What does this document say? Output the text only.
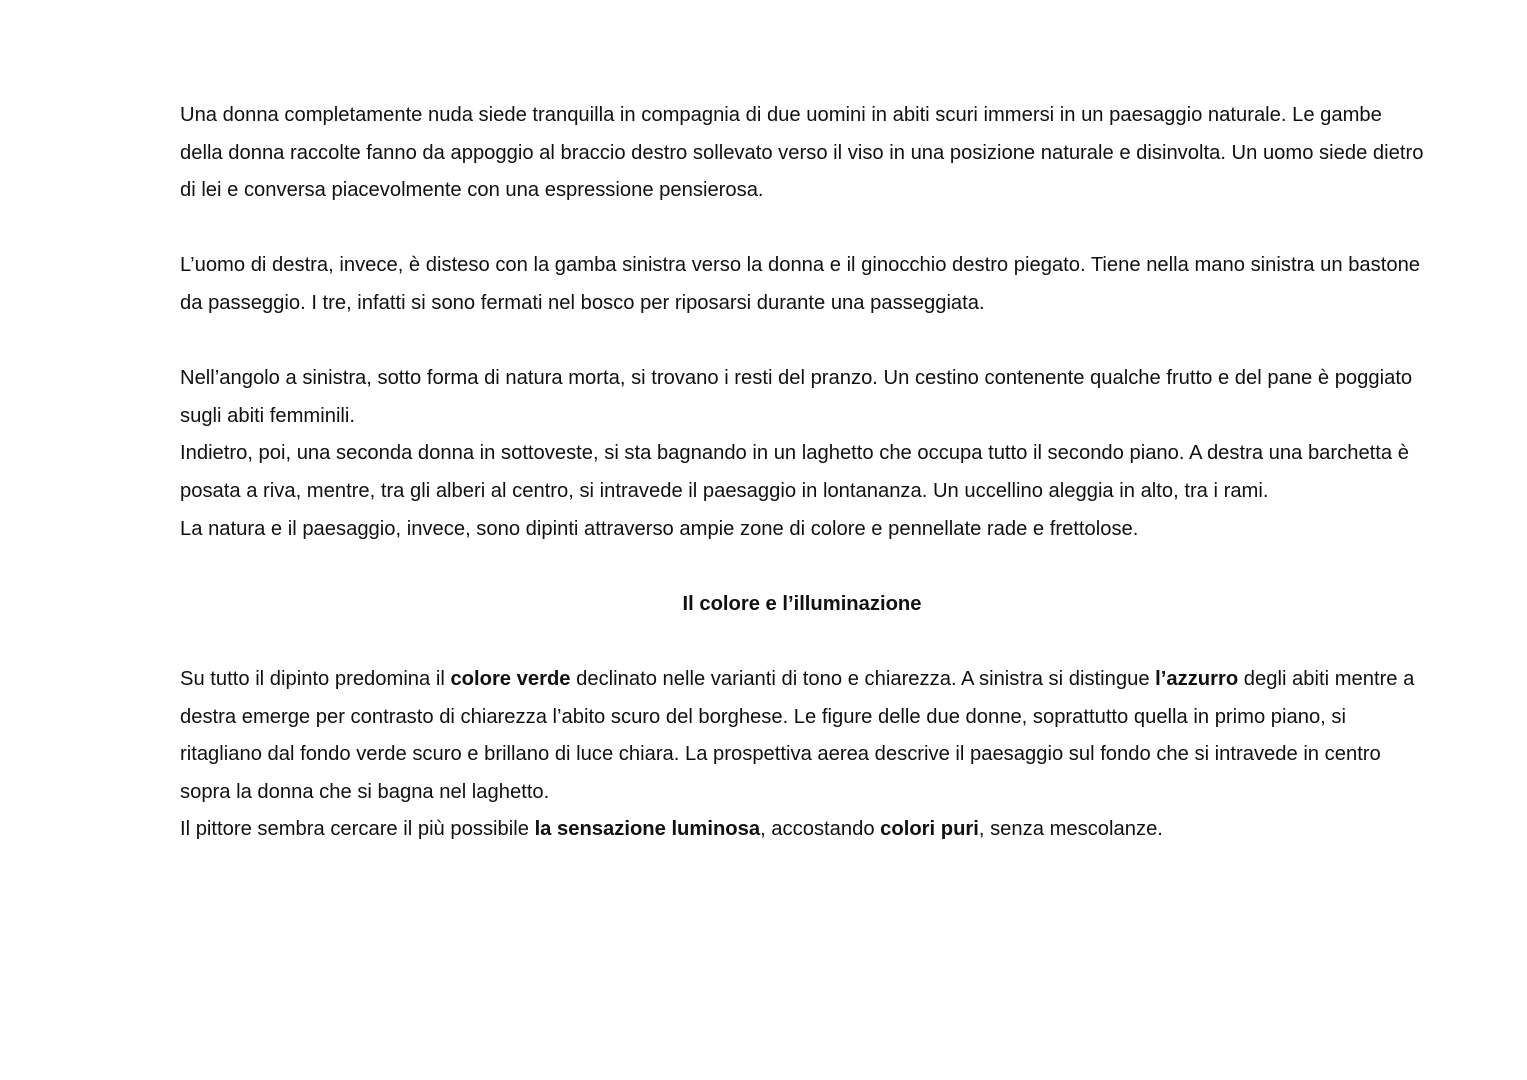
Una donna completamente nuda siede tranquilla in compagnia di due uomini in abiti scuri immersi in un paesaggio naturale. Le gambe della donna raccolte fanno da appoggio al braccio destro sollevato verso il viso in una posizione naturale e disinvolta. Un uomo siede dietro di lei e conversa piacevolmente con una espressione pensierosa.

L’uomo di destra, invece, è disteso con la gamba sinistra verso la donna e il ginocchio destro piegato. Tiene nella mano sinistra un bastone da passeggio. I tre, infatti si sono fermati nel bosco per riposarsi durante una passeggiata.

Nell’angolo a sinistra, sotto forma di natura morta, si trovano i resti del pranzo. Un cestino contenente qualche frutto e del pane è poggiato sugli abiti femminili.

Indietro, poi, una seconda donna in sottoveste, si sta bagnando in un laghetto che occupa tutto il secondo piano. A destra una barchetta è posata a riva, mentre, tra gli alberi al centro, si intravede il paesaggio in lontananza. Un uccellino aleggia in alto, tra i rami.

La natura e il paesaggio, invece, sono dipinti attraverso ampie zone di colore e pennellate rade e frettolose.

Il colore e l’illuminazione

Su tutto il dipinto predomina il colore verde declinato nelle varianti di tono e chiarezza. A sinistra si distingue l’azzurro degli abiti mentre a destra emerge per contrasto di chiarezza l’abito scuro del borghese. Le figure delle due donne, soprattutto quella in primo piano, si ritagliano dal fondo verde scuro e brillano di luce chiara. La prospettiva aerea descrive il paesaggio sul fondo che si intravede in centro sopra la donna che si bagna nel laghetto.

Il pittore sembra cercare il più possibile la sensazione luminosa, accostando colori puri, senza mescolanze.
